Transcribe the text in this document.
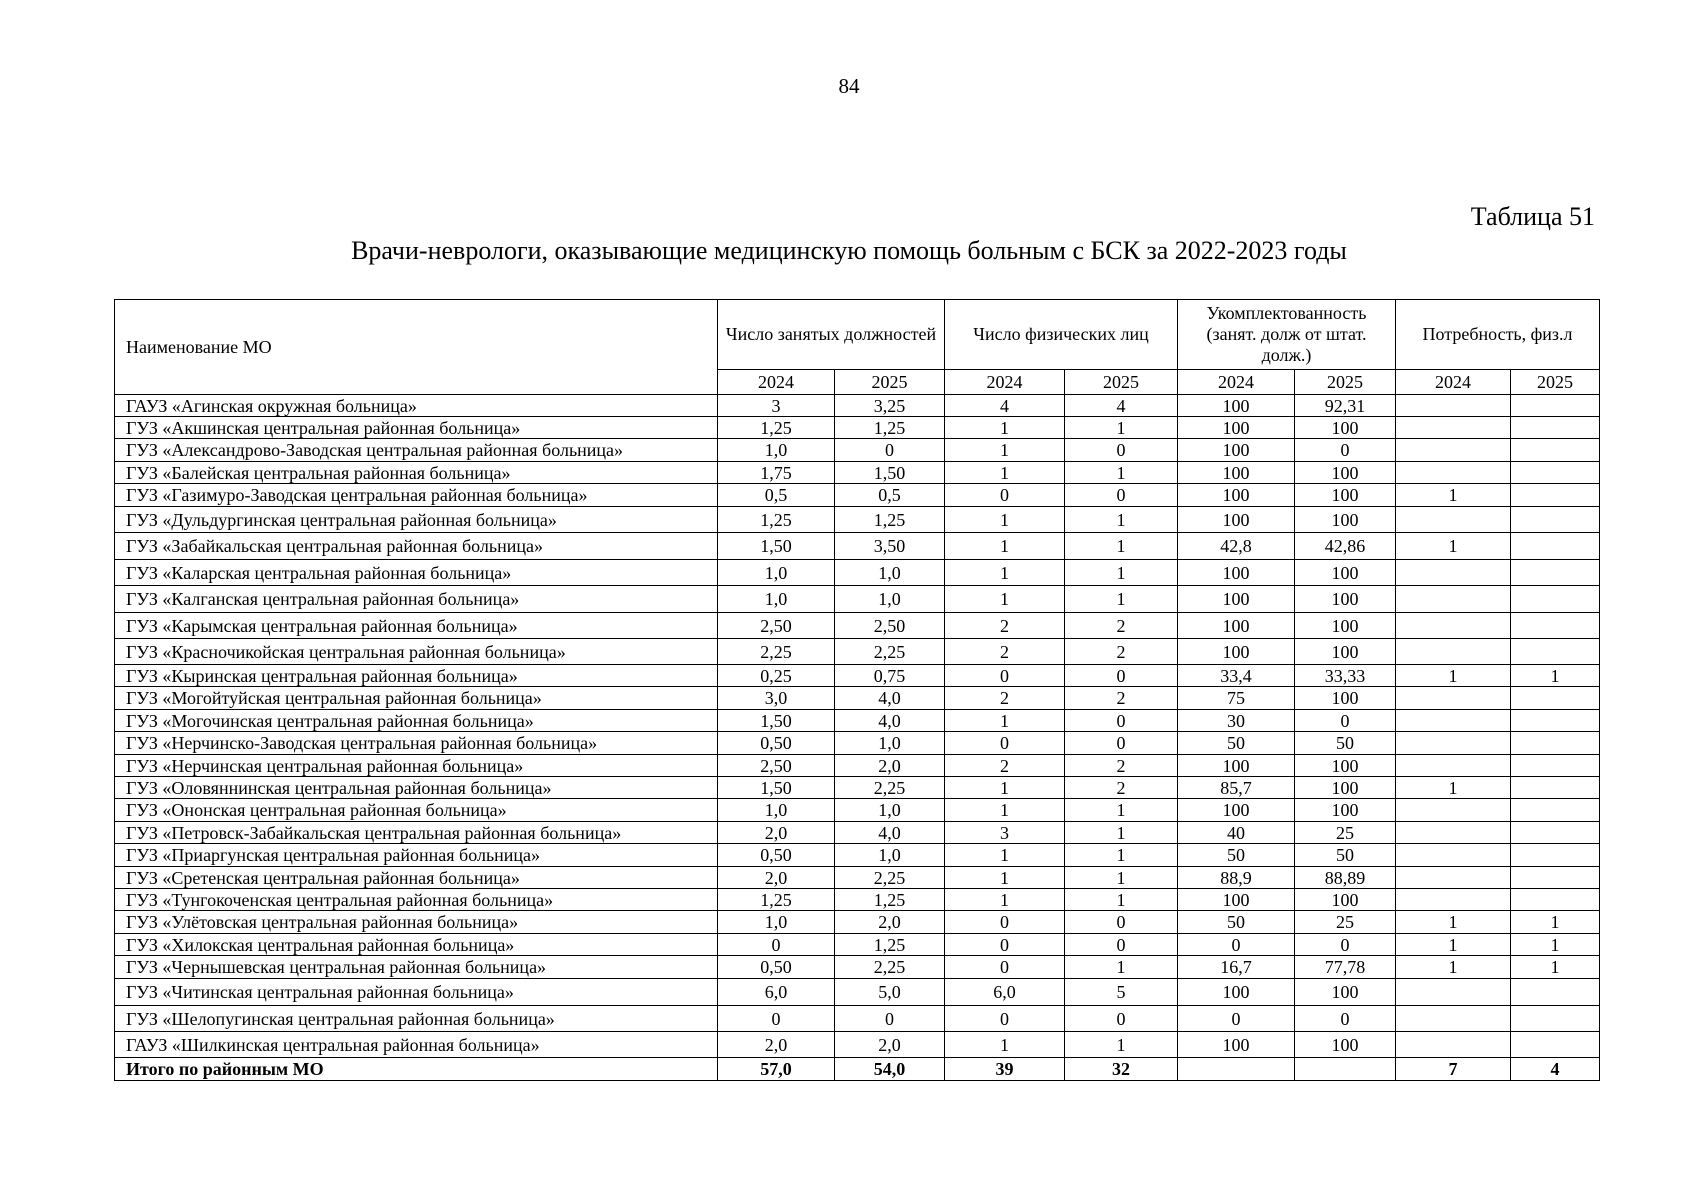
84
Таблица 51
Врачи-неврологи, оказывающие медицинскую помощь больным с БСК за 2022-2023 годы
Наименование МО	Число занятых должностей		Число физических лиц		Укомплектованность (занят. долж от штат. долж.)		Потребность, физ.л	
	2024	2025	2024	2025	2024	2025	2024	2025
ГАУЗ «Агинская окружная больница»	3	3,25	4	4	100	92,31		
ГУЗ «Акшинская центральная районная больница»	1,25	1,25	1	1	100	100		
ГУЗ «Александрово-Заводская центральная районная больница»	1,0	0	1	0	100	0		
ГУЗ «Балейская центральная районная больница»	1,75	1,50	1	1	100	100		
ГУЗ «Газимуро-Заводская центральная районная больница»	0,5	0,5	0	0	100	100	1	
ГУЗ «Дульдургинская центральная районная больница»	1,25	1,25	1	1	100	100		
ГУЗ «Забайкальская центральная районная больница»	1,50	3,50	1	1	42,8	42,86	1	
ГУЗ «Каларская центральная районная больница»	1,0	1,0	1	1	100	100		
ГУЗ «Калганская центральная районная больница»	1,0	1,0	1	1	100	100		
ГУЗ «Карымская центральная районная больница»	2,50	2,50	2	2	100	100		
ГУЗ «Красночикойская центральная районная больница»	2,25	2,25	2	2	100	100		
ГУЗ «Кыринская центральная районная больница»	0,25	0,75	0	0	33,4	33,33	1	1
ГУЗ «Могойтуйская центральная районная больница»	3,0	4,0	2	2	75	100		
ГУЗ «Могочинская центральная районная больница»	1,50	4,0	1	0	30	0		
ГУЗ «Нерчинско-Заводская центральная районная больница»	0,50	1,0	0	0	50	50		
ГУЗ «Нерчинская центральная районная больница»	2,50	2,0	2	2	100	100		
ГУЗ «Оловяннинская центральная районная больница»	1,50	2,25	1	2	85,7	100	1	
ГУЗ «Ононская центральная районная больница»	1,0	1,0	1	1	100	100		
ГУЗ «Петровск-Забайкальская центральная районная больница»	2,0	4,0	3	1	40	25		
ГУЗ «Приаргунская центральная районная больница»	0,50	1,0	1	1	50	50		
ГУЗ «Сретенская центральная районная больница»	2,0	2,25	1	1	88,9	88,89		
ГУЗ «Тунгокоченская центральная районная больница»	1,25	1,25	1	1	100	100		
ГУЗ «Улётовская центральная районная больница»	1,0	2,0	0	0	50	25	1	1
ГУЗ «Хилокская центральная районная больница»	0	1,25	0	0	0	0	1	1
ГУЗ «Чернышевская центральная районная больница»	0,50	2,25	0	1	16,7	77,78	1	1
ГУЗ «Читинская центральная районная больница»	6,0	5,0	6,0	5	100	100		
ГУЗ «Шелопугинская центральная районная больница»	0	0	0	0	0	0		
ГАУЗ «Шилкинская центральная районная больница»	2,0	2,0	1	1	100	100		
Итого по районным МО	57,0	54,0	39	32			7	4
